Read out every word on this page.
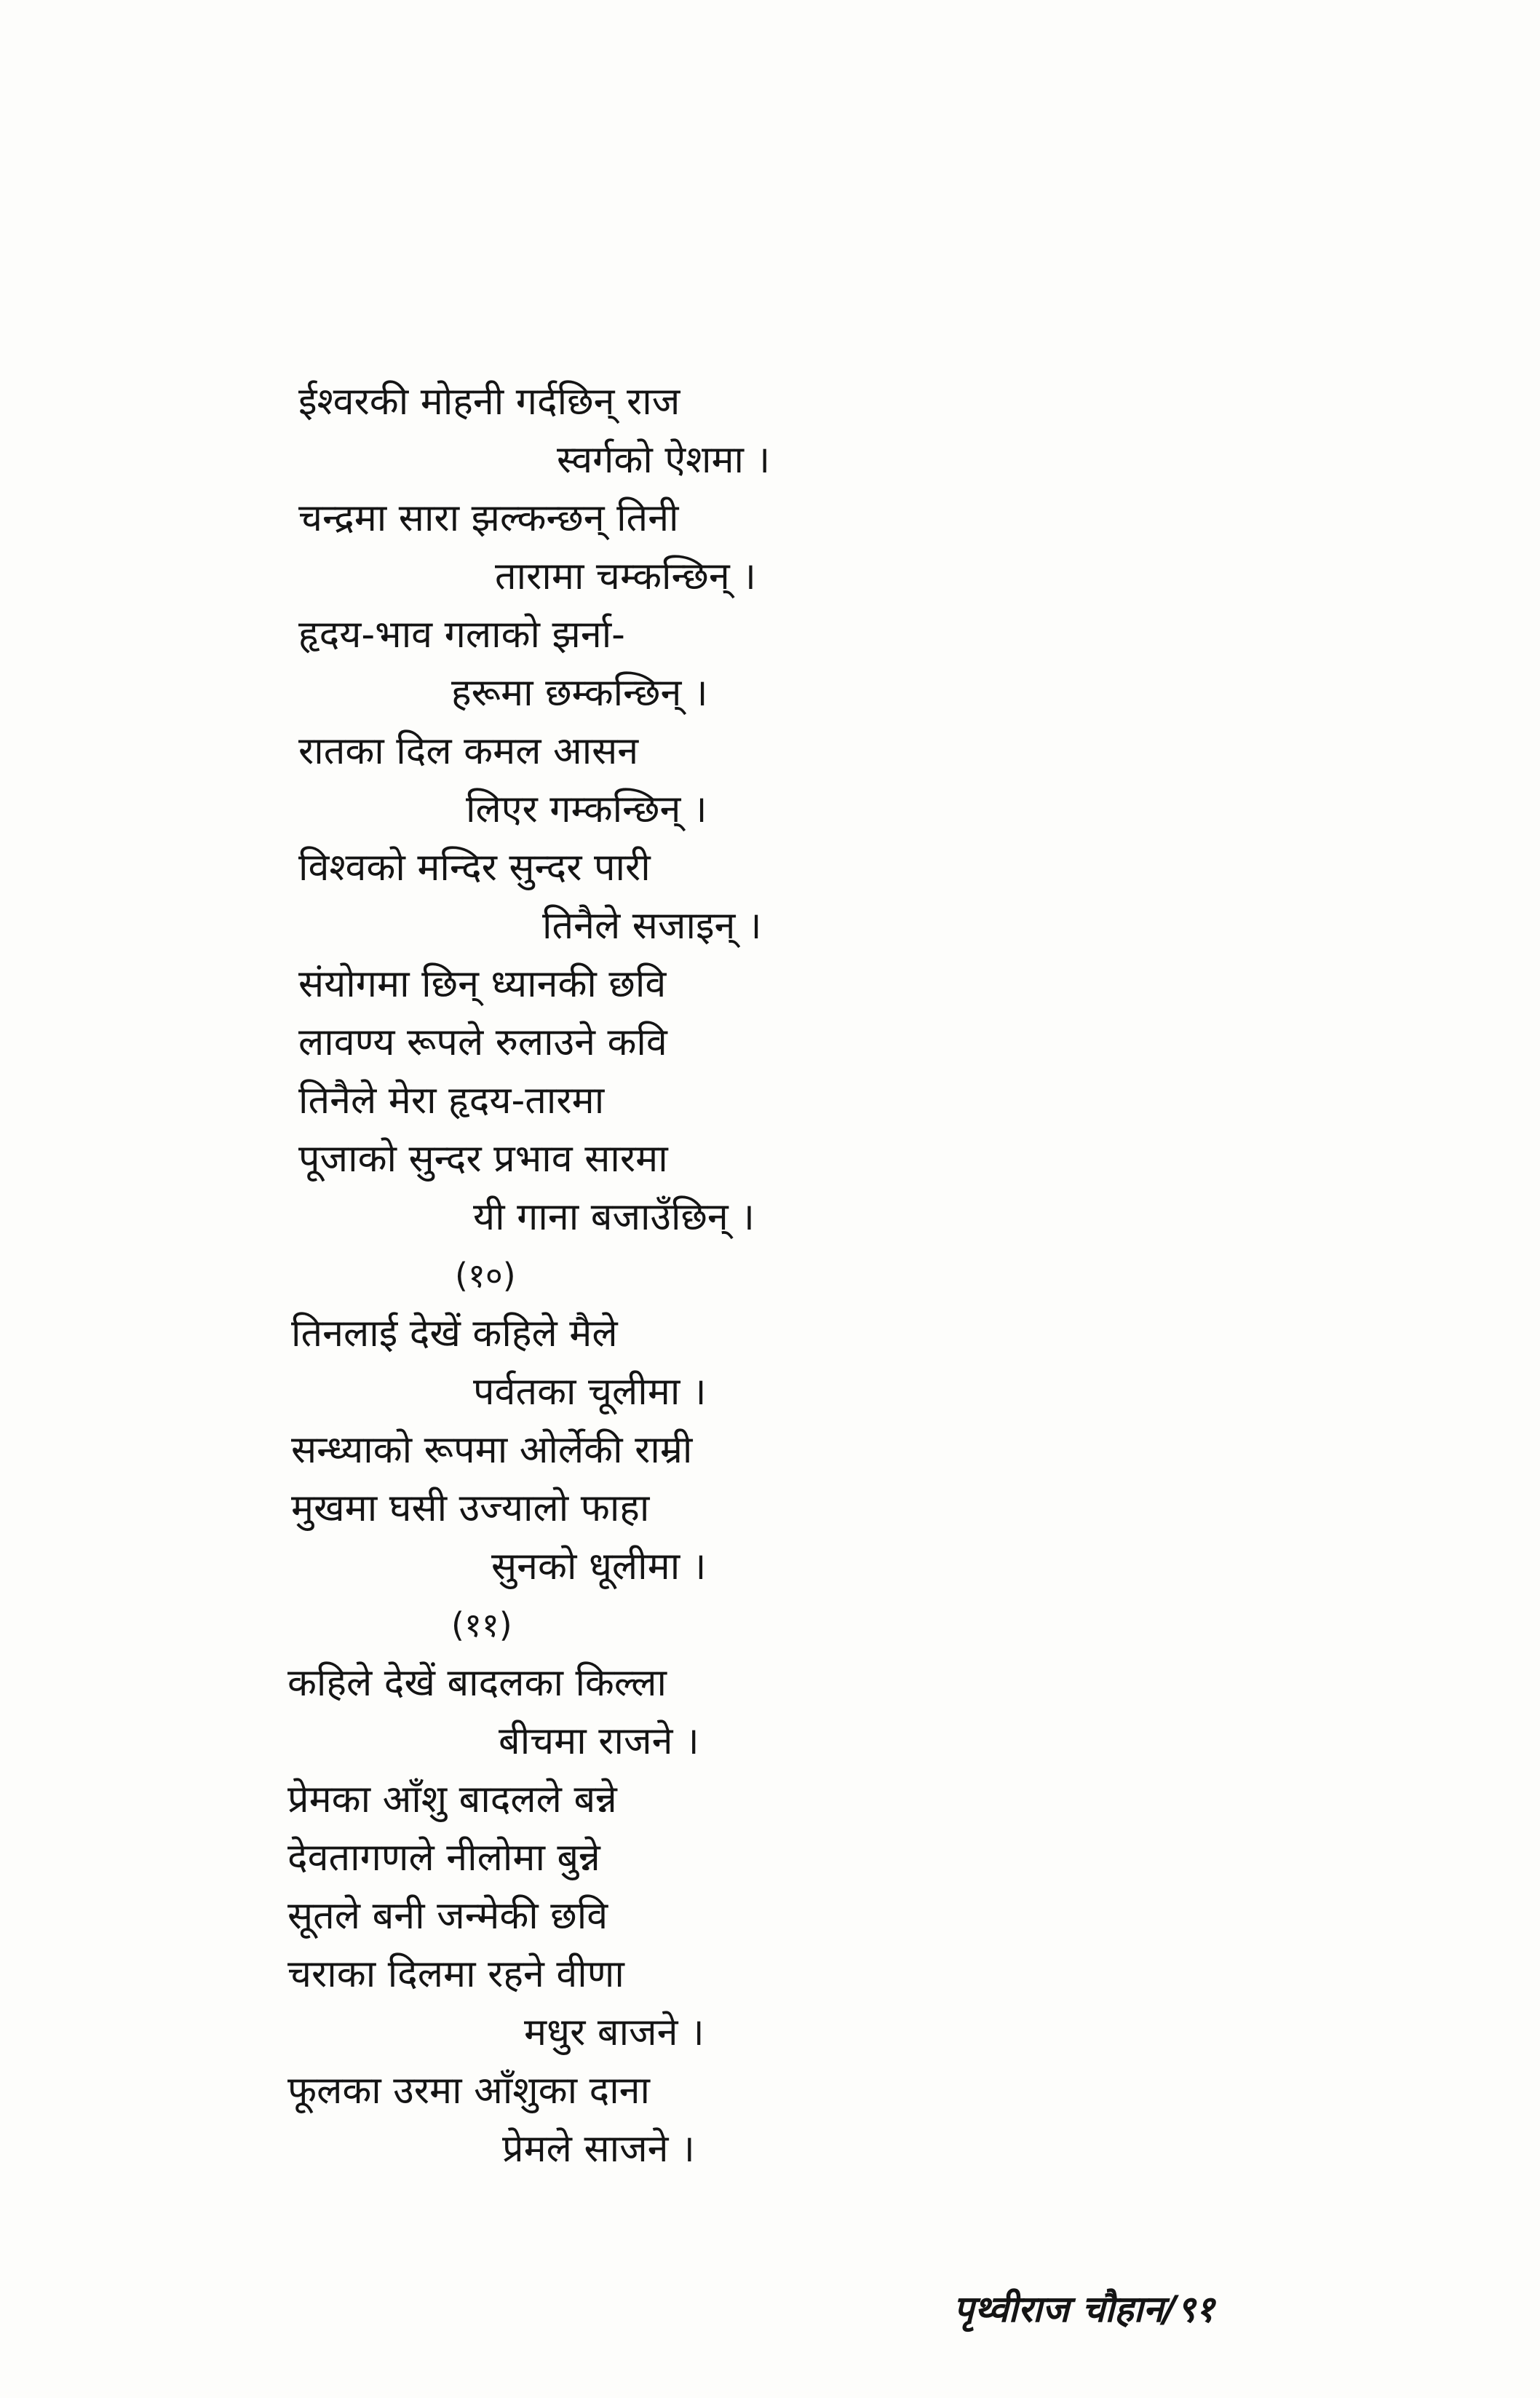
ईश्वरकी मोहनी गर्दछिन् राज
स्वर्गको ऐशमा ।
चन्द्रमा सारा झल्कन्छन् तिनी
तारामा चम्कन्छिन् ।
हृदय-भाव गलाको झर्ना-
हरूमा छम्कन्छिन् ।
रातका दिल कमल आसन
लिएर गम्कन्छिन् ।
विश्वको मन्दिर सुन्दर पारी
तिनैले सजाइन् ।
संयोगमा छिन् ध्यानकी छवि
लावण्य रूपले रुलाउने कवि
तिनैले मेरा हृदय-तारमा
पूजाको सुन्दर प्रभाव सारमा
यी गाना बजाउँछिन् ।
(१०)
तिनलाई देखें कहिले मैले
पर्वतका चूलीमा ।
सन्ध्याको रूपमा ओर्लेकी राम्री
मुखमा घसी उज्यालो फाहा
सुनको धूलीमा ।
(११)
कहिले देखें बादलका किल्ला
बीचमा राजने ।
प्रेमका आँशु बादलले बन्ने
देवतागणले नीलोमा बुन्ने
सूतले बनी जन्मेकी छवि
चराका दिलमा रहने वीणा
मधुर बाजने ।
फूलका उरमा आँशुका दाना
प्रेमले साजने ।
पृथ्वीराज चौहान/९१
